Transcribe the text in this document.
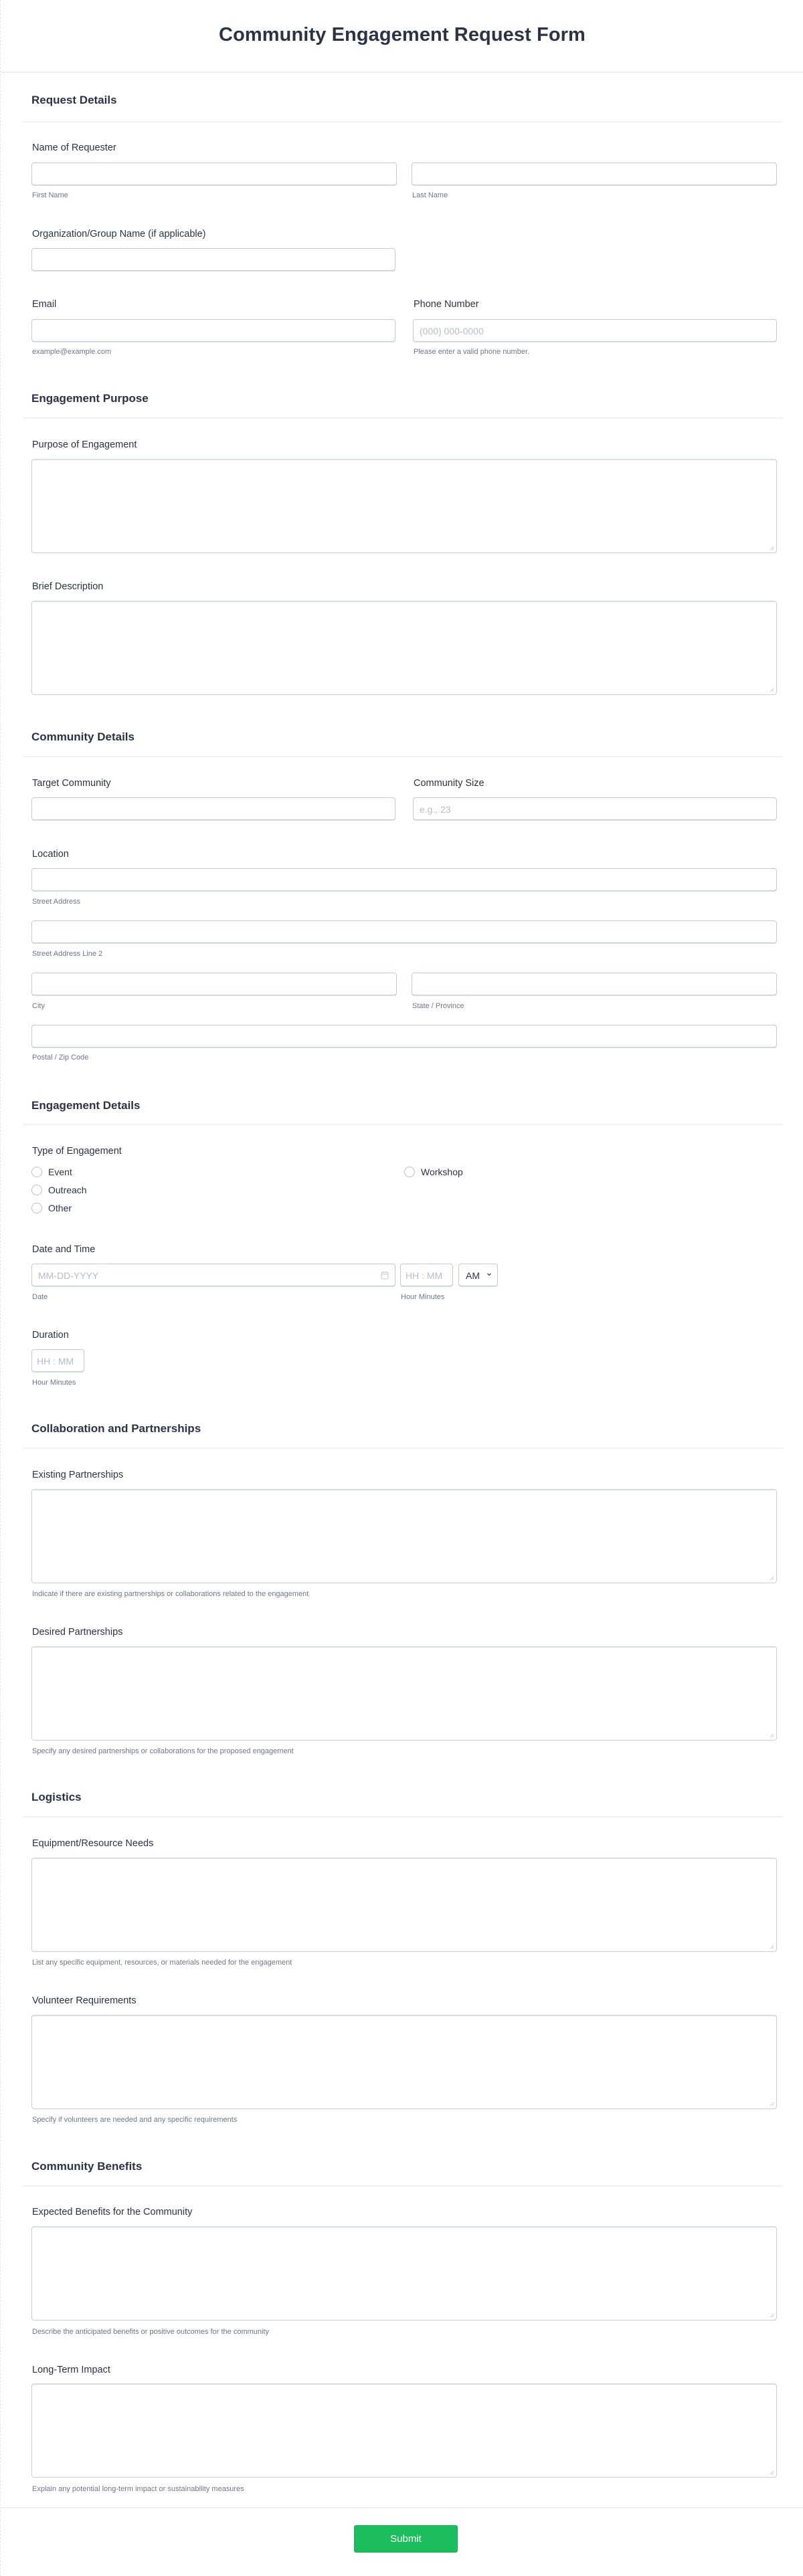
Community Engagement Request Form
Request Details
Name of Requester
First Name	Last Name
Organization/Group Name (if applicable)
Email
example@example.com
Phone Number
(000) 000-0000
Please enter a valid phone number.
Engagement Purpose
Purpose of Engagement
Brief Description
Community Details
Target Community	Community Size
e.g., 23
Location
Street Address
Street Address Line 2
City	State / Province
Postal / Zip Code
Engagement Details
Type of Engagement
Event	Workshop
Outreach
Other
Date and Time
MM-DD-YYYY
Date
HH : MM
Hour Minutes
AM
Duration
HH : MM
Hour Minutes
Collaboration and Partnerships
Existing Partnerships
Indicate if there are existing partnerships or collaborations related to the engagement
Desired Partnerships
Specify any desired partnerships or collaborations for the proposed engagement
Logistics
Equipment/Resource Needs
List any specific equipment, resources, or materials needed for the engagement
Volunteer Requirements
Specify if volunteers are needed and any specific requirements
Community Benefits
Expected Benefits for the Community
Describe the anticipated benefits or positive outcomes for the community
Long-Term Impact
Explain any potential long-term impact or sustainability measures
Submit
